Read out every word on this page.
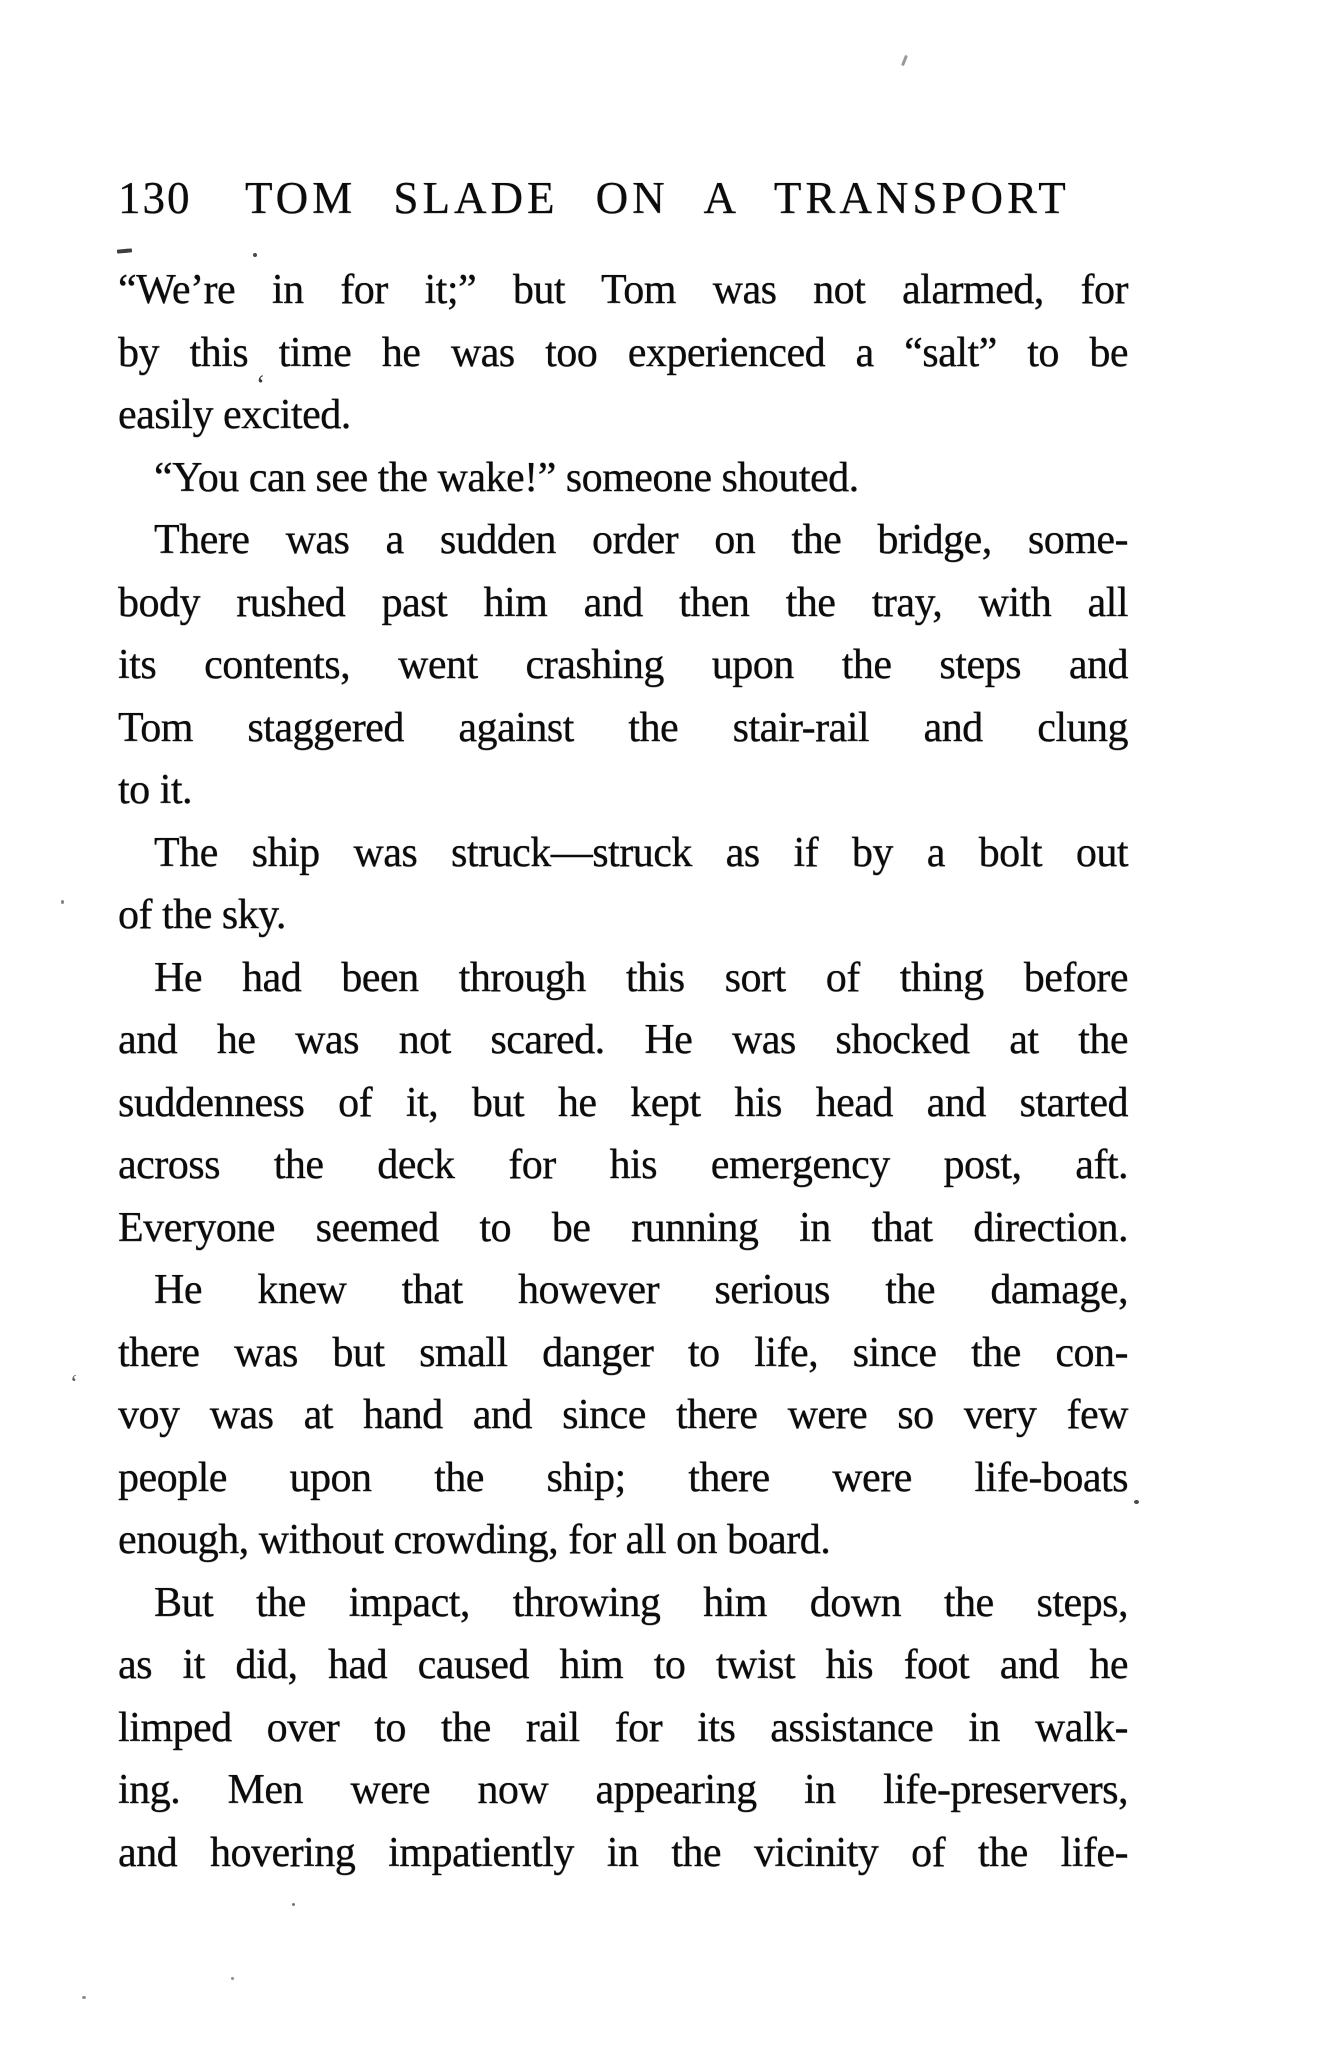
130 TOM SLADE ON A TRANSPORT
“We’re in for it;” but Tom was not alarmed, for
by this time he was too experienced a “salt” to be
easily excited.
“You can see the wake!” someone shouted.
There was a sudden order on the bridge, some-
body rushed past him and then the tray, with all
its contents, went crashing upon the steps and
Tom staggered against the stair-rail and clung
to it.
The ship was struck—struck as if by a bolt out
of the sky.
He had been through this sort of thing before
and he was not scared. He was shocked at the
suddenness of it, but he kept his head and started
across the deck for his emergency post, aft.
Everyone seemed to be running in that direction.
He knew that however serious the damage,
there was but small danger to life, since the con-
voy was at hand and since there were so very few
people upon the ship; there were life-boats
enough, without crowding, for all on board.
But the impact, throwing him down the steps,
as it did, had caused him to twist his foot and he
limped over to the rail for its assistance in walk-
ing. Men were now appearing in life-preservers,
and hovering impatiently in the vicinity of the life-
‘
‘
